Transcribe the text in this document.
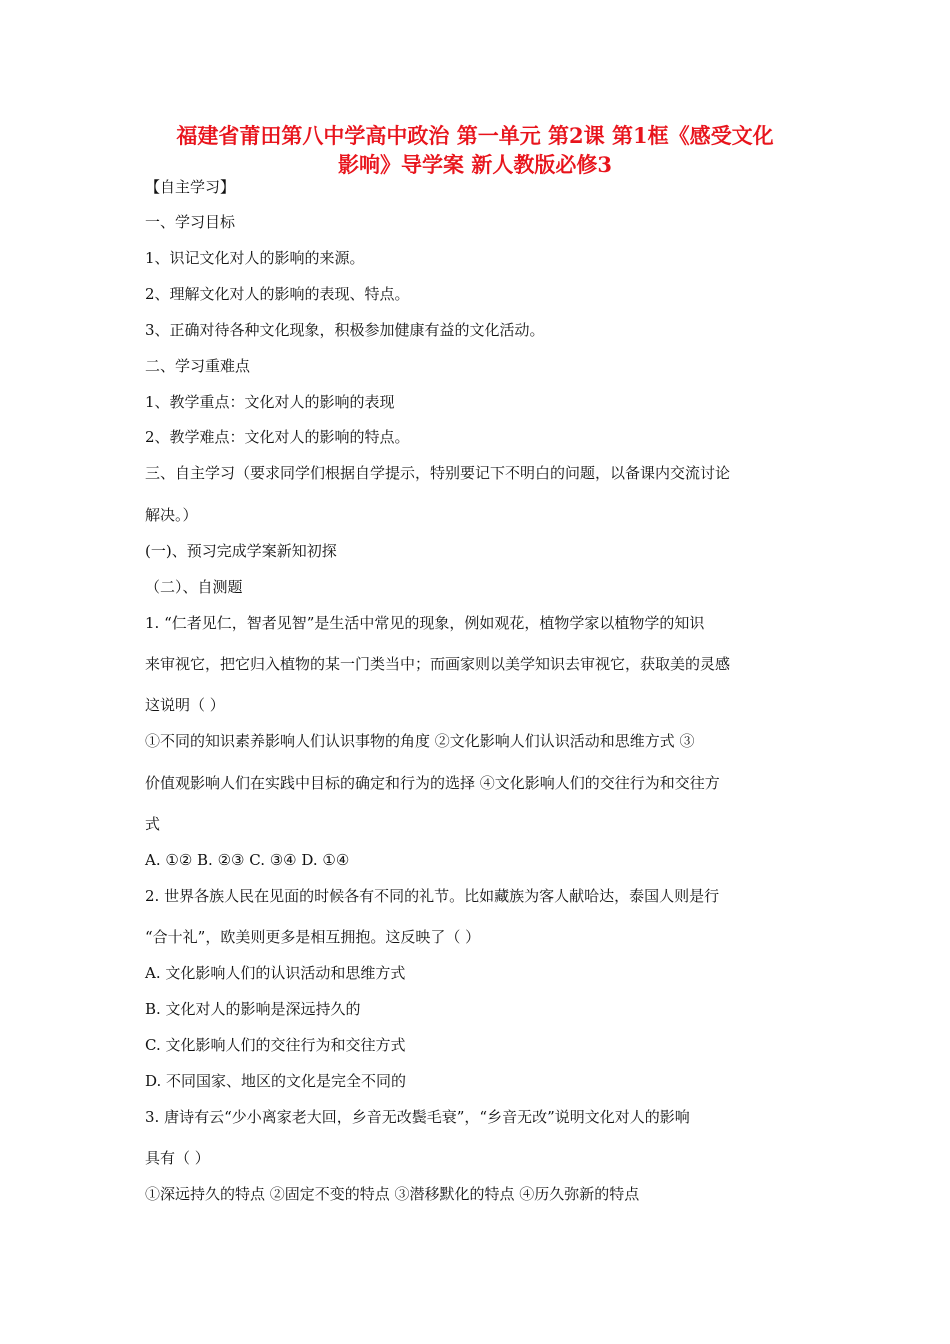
福建省莆田第八中学高中政治 第一单元 第2课 第1框《感受文化
影响》导学案 新人教版必修3
【自主学习】
一、学习目标
1、识记文化对人的影响的来源。
2、理解文化对人的影响的表现、特点。
3、正确对待各种文化现象，积极参加健康有益的文化活动。
二、学习重难点
1、教学重点：文化对人的影响的表现
2、教学难点：文化对人的影响的特点。
三、自主学习（要求同学们根据自学提示，特别要记下不明白的问题，以备课内交流讨论
解决。）
(一)、预习完成学案新知初探
（二）、自测题
1. “仁者见仁，智者见智”是生活中常见的现象，例如观花，植物学家以植物学的知识
来审视它，把它归入植物的某一门类当中；而画家则以美学知识去审视它，获取美的灵感
这说明（ ）
①不同的知识素养影响人们认识事物的角度 ②文化影响人们认识活动和思维方式 ③
价值观影响人们在实践中目标的确定和行为的选择 ④文化影响人们的交往行为和交往方
式
A. ①② B. ②③ C. ③④ D. ①④
2. 世界各族人民在见面的时候各有不同的礼节。比如藏族为客人献哈达，泰国人则是行
“合十礼”，欧美则更多是相互拥抱。这反映了（ ）
A. 文化影响人们的认识活动和思维方式
B. 文化对人的影响是深远持久的
C. 文化影响人们的交往行为和交往方式
D. 不同国家、地区的文化是完全不同的
3. 唐诗有云“少小离家老大回，乡音无改鬓毛衰”，“乡音无改”说明文化对人的影响
具有（ ）
①深远持久的特点 ②固定不变的特点 ③潜移默化的特点 ④历久弥新的特点
